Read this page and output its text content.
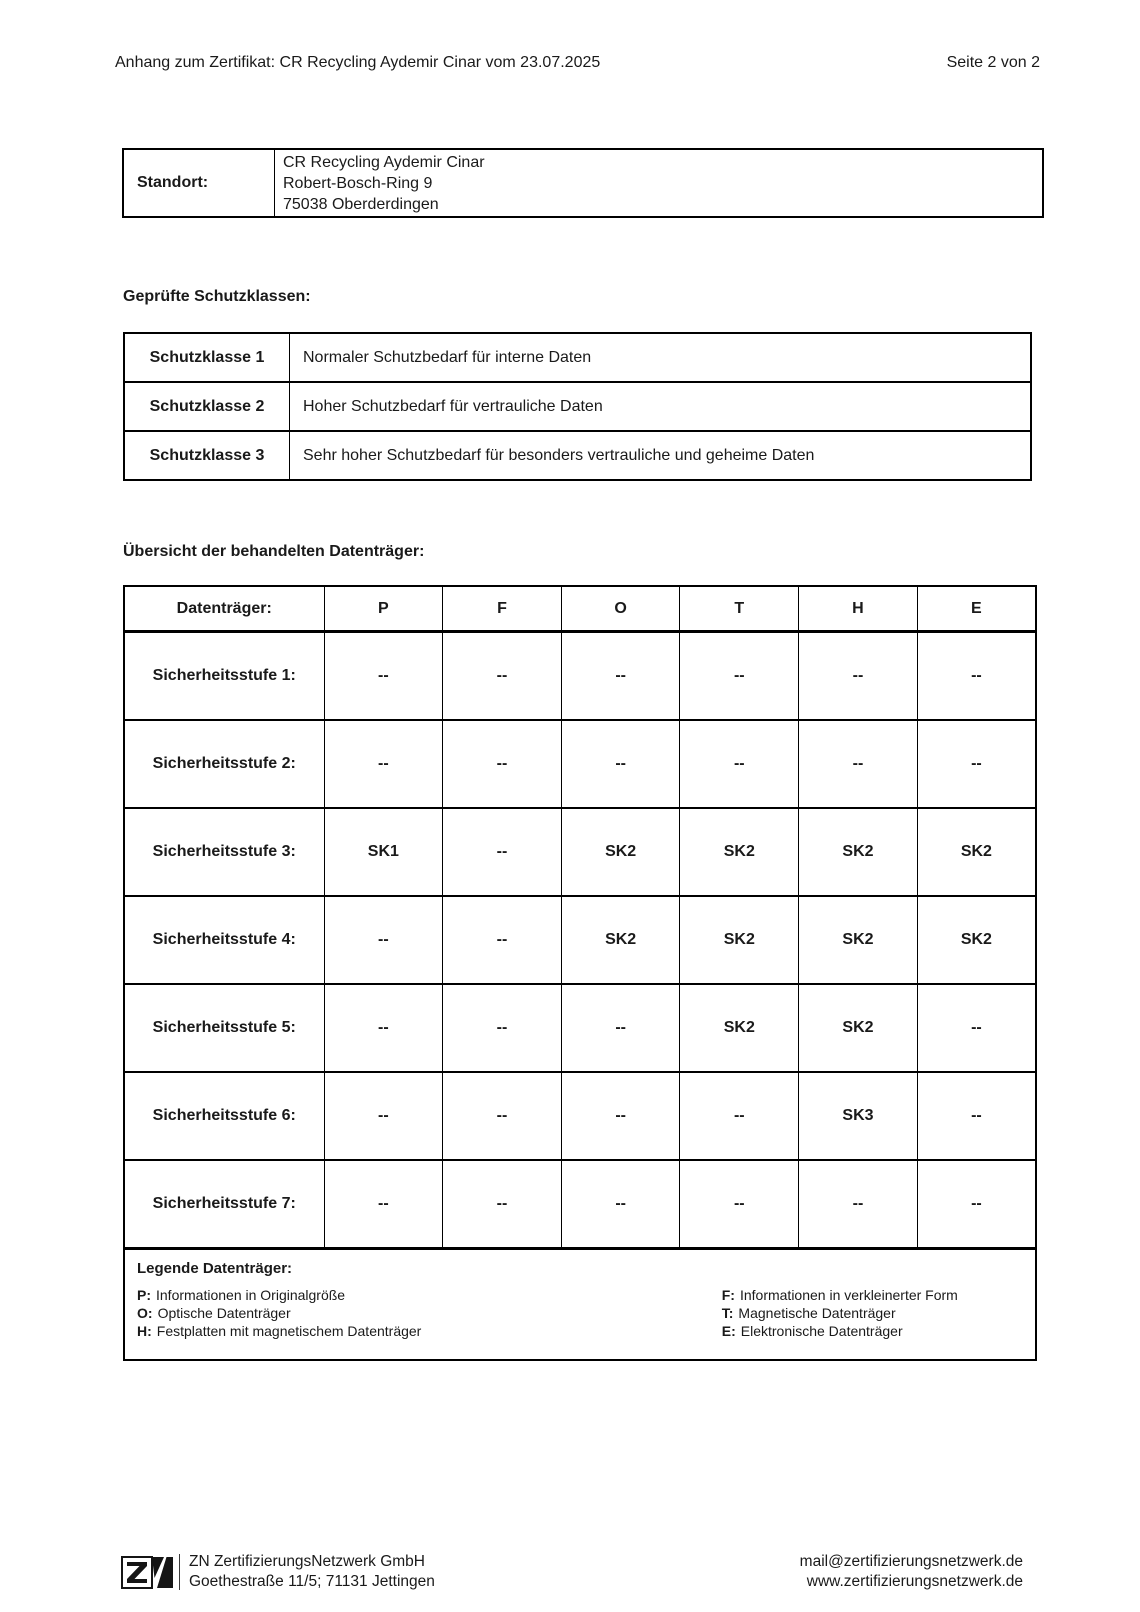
Anhang zum Zertifikat: CR Recycling Aydemir Cinar vom 23.07.2025	Seite 2 von 2
Standort:	
CR Recycling Aydemir Cinar
Robert-Bosch-Ring 9
75038 Oberderdingen
Geprüfte Schutzklassen:
Schutzklasse 1	Normaler Schutzbedarf für interne Daten
Schutzklasse 2	Hoher Schutzbedarf für vertrauliche Daten
Schutzklasse 3	Sehr hoher Schutzbedarf für besonders vertrauliche und geheime Daten
Übersicht der behandelten Datenträger:
Datenträger:	P	F	O	T	H	E
Sicherheitsstufe 1:	--	--	--	--	--	--
Sicherheitsstufe 2:	--	--	--	--	--	--
Sicherheitsstufe 3:	SK1	--	SK2	SK2	SK2	SK2
Sicherheitsstufe 4:	--	--	SK2	SK2	SK2	SK2
Sicherheitsstufe 5:	--	--	--	SK2	SK2	--
Sicherheitsstufe 6:	--	--	--	--	SK3	--
Sicherheitsstufe 7:	--	--	--	--	--	--

Legende Datenträger:
P: Informationen in Originalgröße
O: Optische Datenträger
H: Festplatten mit magnetischem Datenträger
F: Informationen in verkleinerter Form
T: Magnetische Datenträger
E: Elektronische Datenträger
ZN ZertifizierungsNetzwerk GmbH
Goethestraße 11/5; 71131 Jettingen
mail@zertifizierungsnetzwerk.de
www.zertifizierungsnetzwerk.de
